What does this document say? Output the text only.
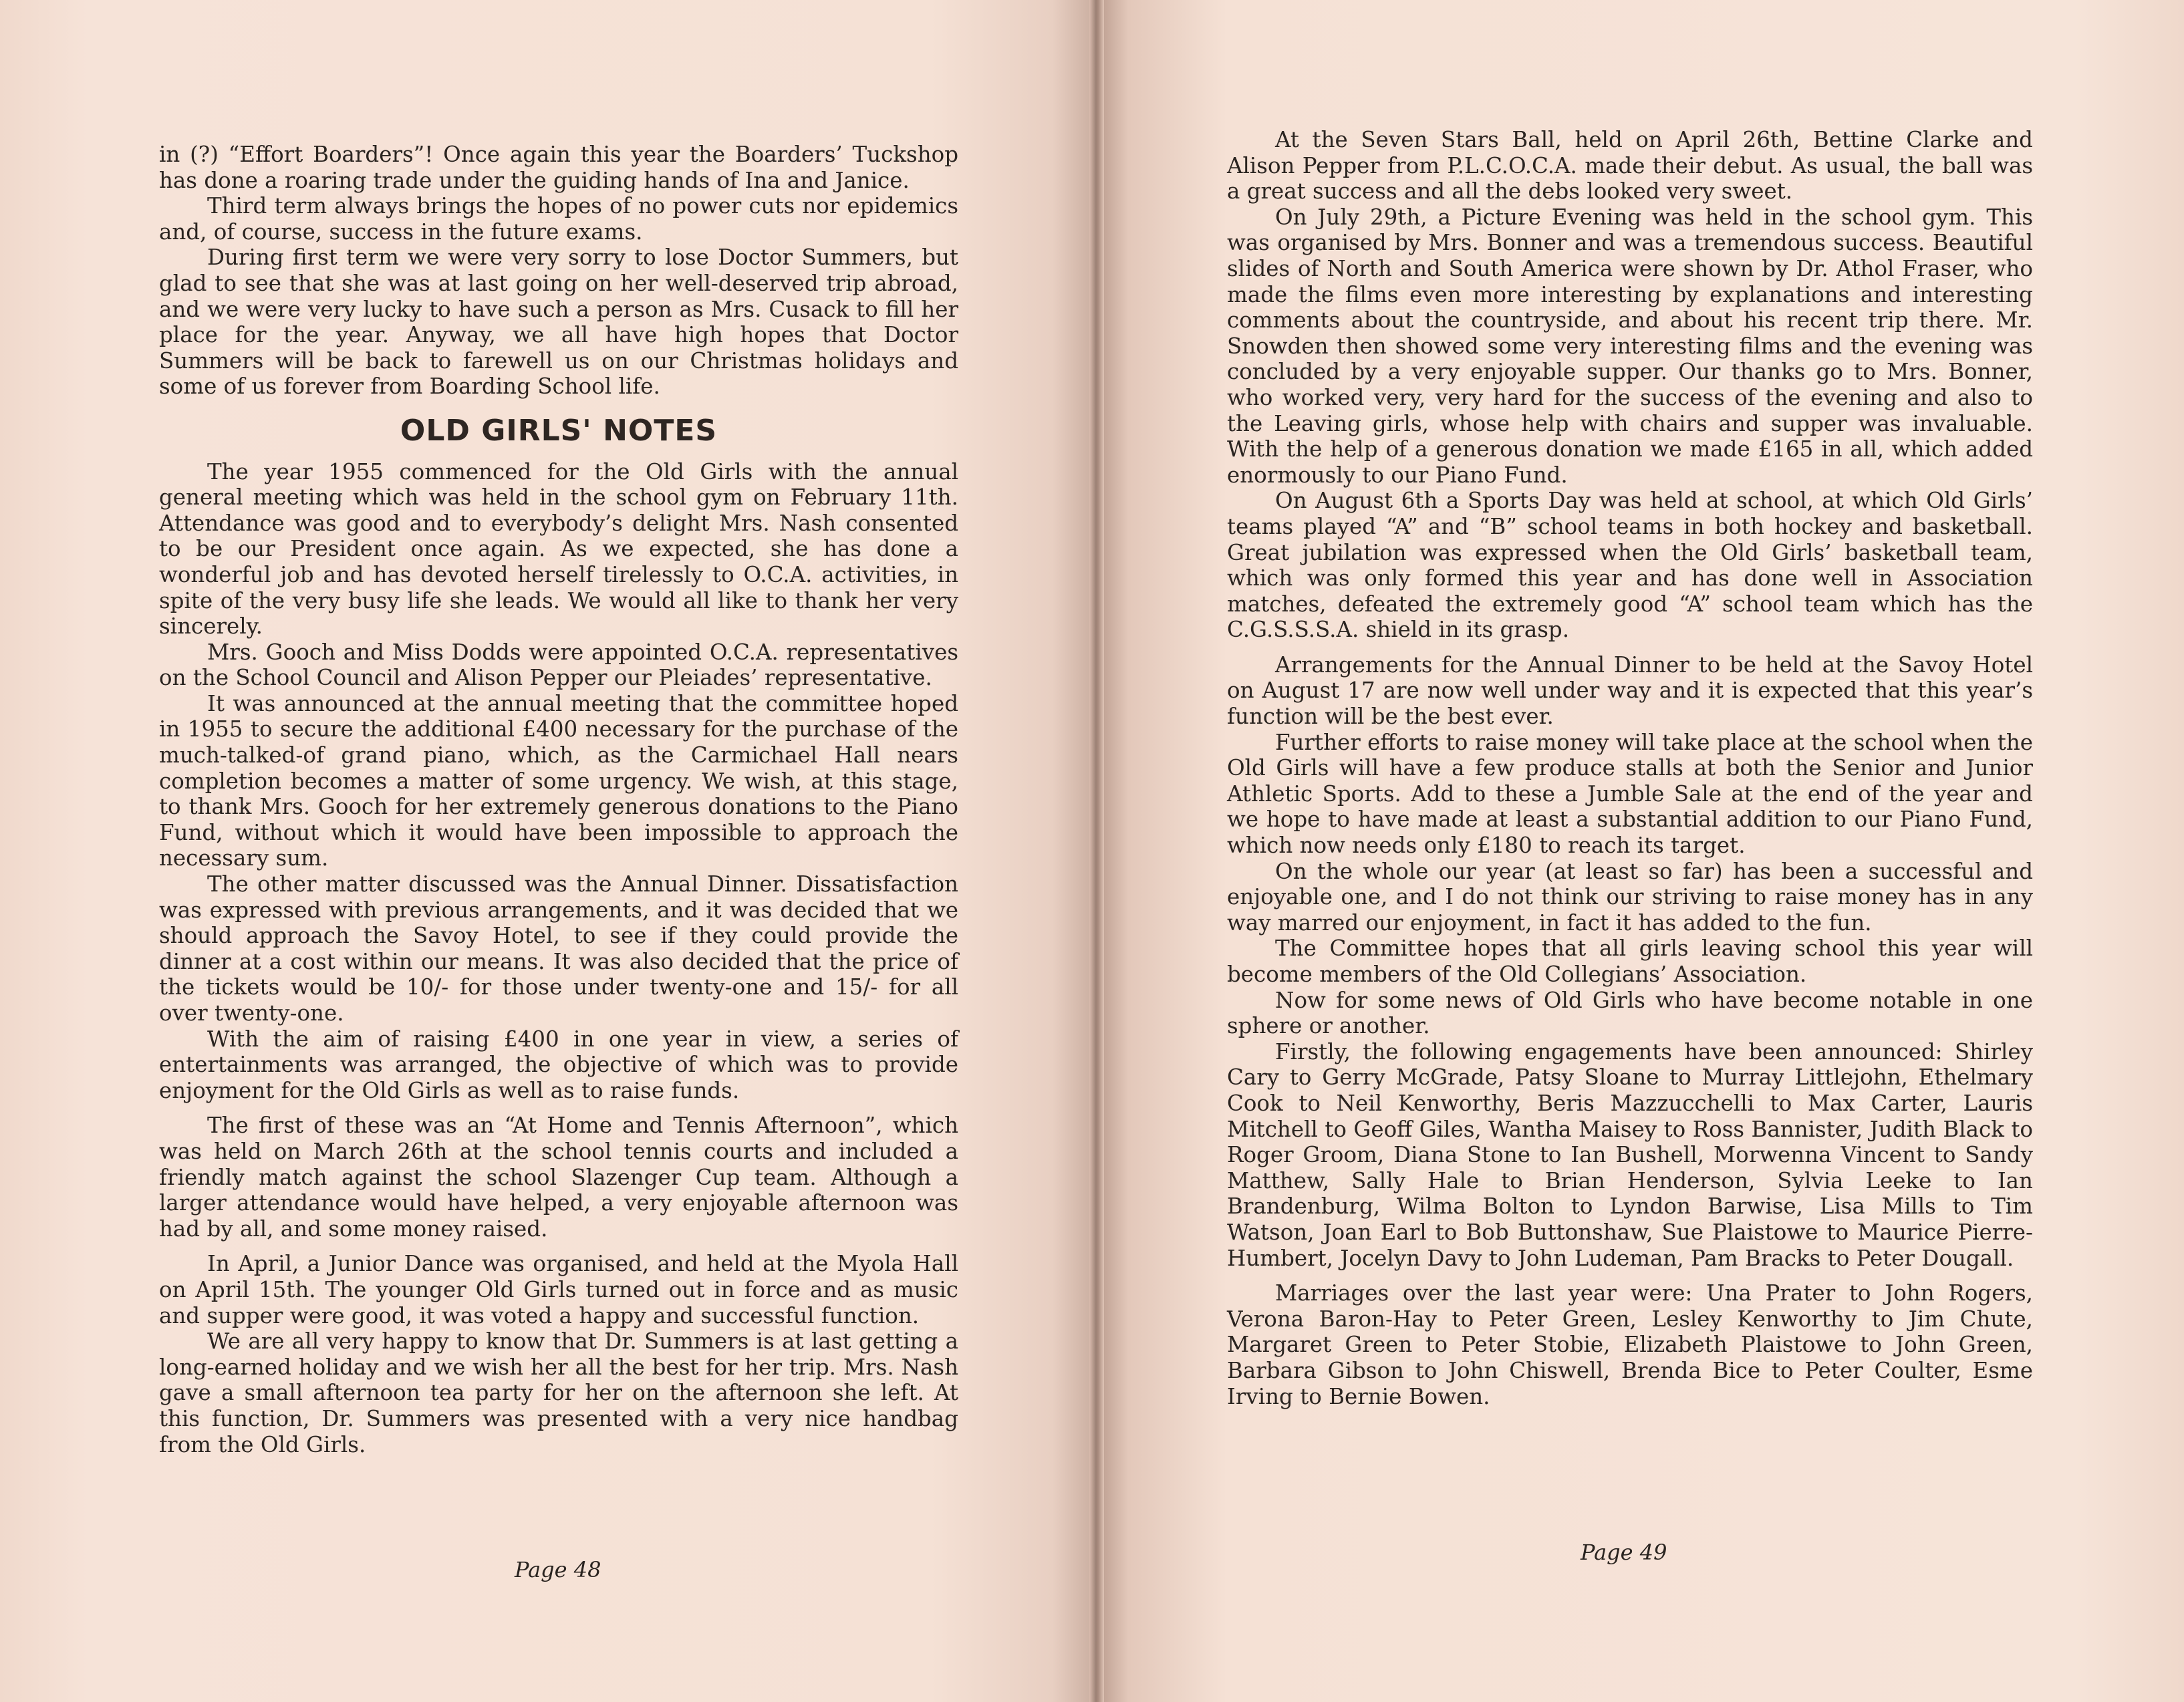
in (?) “Effort Boarders”! Once again this year the Boarders’ Tuckshop has done a roaring trade under the guiding hands of Ina and Janice.

Third term always brings the hopes of no power cuts nor epidemics and, of course, success in the future exams.

During first term we were very sorry to lose Doctor Summers, but glad to see that she was at last going on her well-deserved trip abroad, and we were very lucky to have such a person as Mrs. Cusack to fill her place for the year. Anyway, we all have high hopes that Doctor Summers will be back to farewell us on our Christmas holidays and some of us forever from Boarding School life.

OLD GIRLS' NOTES

The year 1955 commenced for the Old Girls with the annual general meeting which was held in the school gym on February 11th. Attendance was good and to everybody’s delight Mrs. Nash consented to be our President once again. As we expected, she has done a wonderful job and has devoted herself tirelessly to O.C.A. activities, in spite of the very busy life she leads. We would all like to thank her very sincerely.

Mrs. Gooch and Miss Dodds were appointed O.C.A. representatives on the School Council and Alison Pepper our Pleiades’ representative.

It was announced at the annual meeting that the committee hoped in 1955 to secure the additional £400 necessary for the purchase of the much-talked-of grand piano, which, as the Carmichael Hall nears completion becomes a matter of some urgency. We wish, at this stage, to thank Mrs. Gooch for her extremely generous donations to the Piano Fund, without which it would have been impossible to approach the necessary sum.

The other matter discussed was the Annual Dinner. Dissatisfaction was expressed with previous arrangements, and it was decided that we should approach the Savoy Hotel, to see if they could provide the dinner at a cost within our means. It was also decided that the price of the tickets would be 10/- for those under twenty-one and 15/- for all over twenty-one.

With the aim of raising £400 in one year in view, a series of entertainments was arranged, the objective of which was to provide enjoyment for the Old Girls as well as to raise funds.

The first of these was an “At Home and Tennis Afternoon”, which was held on March 26th at the school tennis courts and included a friendly match against the school Slazenger Cup team. Although a larger attendance would have helped, a very enjoyable afternoon was had by all, and some money raised.

In April, a Junior Dance was organised, and held at the Myola Hall on April 15th. The younger Old Girls turned out in force and as music and supper were good, it was voted a happy and successful function.

We are all very happy to know that Dr. Summers is at last getting a long-earned holiday and we wish her all the best for her trip. Mrs. Nash gave a small afternoon tea party for her on the afternoon she left. At this function, Dr. Summers was presented with a very nice handbag from the Old Girls.

Page 48

At the Seven Stars Ball, held on April 26th, Bettine Clarke and Alison Pepper from P.L.C.O.C.A. made their debut. As usual, the ball was a great success and all the debs looked very sweet.

On July 29th, a Picture Evening was held in the school gym. This was organised by Mrs. Bonner and was a tremendous success. Beautiful slides of North and South America were shown by Dr. Athol Fraser, who made the films even more interesting by explanations and interesting comments about the countryside, and about his recent trip there. Mr. Snowden then showed some very interesting films and the evening was concluded by a very enjoyable supper. Our thanks go to Mrs. Bonner, who worked very, very hard for the success of the evening and also to the Leaving girls, whose help with chairs and supper was invaluable. With the help of a generous donation we made £165 in all, which added enormously to our Piano Fund.

On August 6th a Sports Day was held at school, at which Old Girls’ teams played “A” and “B” school teams in both hockey and basketball. Great jubilation was expressed when the Old Girls’ basketball team, which was only formed this year and has done well in Association matches, defeated the extremely good “A” school team which has the C.G.S.S.S.A. shield in its grasp.

Arrangements for the Annual Dinner to be held at the Savoy Hotel on August 17 are now well under way and it is expected that this year’s function will be the best ever.

Further efforts to raise money will take place at the school when the Old Girls will have a few produce stalls at both the Senior and Junior Athletic Sports. Add to these a Jumble Sale at the end of the year and we hope to have made at least a substantial addition to our Piano Fund, which now needs only £180 to reach its target.

On the whole our year (at least so far) has been a successful and enjoyable one, and I do not think our striving to raise money has in any way marred our enjoyment, in fact it has added to the fun.

The Committee hopes that all girls leaving school this year will become members of the Old Collegians’ Association.

Now for some news of Old Girls who have become notable in one sphere or another.

Firstly, the following engagements have been announced: Shirley Cary to Gerry McGrade, Patsy Sloane to Murray Littlejohn, Ethelmary Cook to Neil Kenworthy, Beris Mazzucchelli to Max Carter, Lauris Mitchell to Geoff Giles, Wantha Maisey to Ross Bannister, Judith Black to Roger Groom, Diana Stone to Ian Bushell, Morwenna Vincent to Sandy Matthew, Sally Hale to Brian Henderson, Sylvia Leeke to Ian Brandenburg, Wilma Bolton to Lyndon Barwise, Lisa Mills to Tim Watson, Joan Earl to Bob Buttonshaw, Sue Plaistowe to Maurice Pierre-Humbert, Jocelyn Davy to John Ludeman, Pam Bracks to Peter Dougall.

Marriages over the last year were: Una Prater to John Rogers, Verona Baron-Hay to Peter Green, Lesley Kenworthy to Jim Chute, Margaret Green to Peter Stobie, Elizabeth Plaistowe to John Green, Barbara Gibson to John Chiswell, Brenda Bice to Peter Coulter, Esme Irving to Bernie Bowen.

Page 49
